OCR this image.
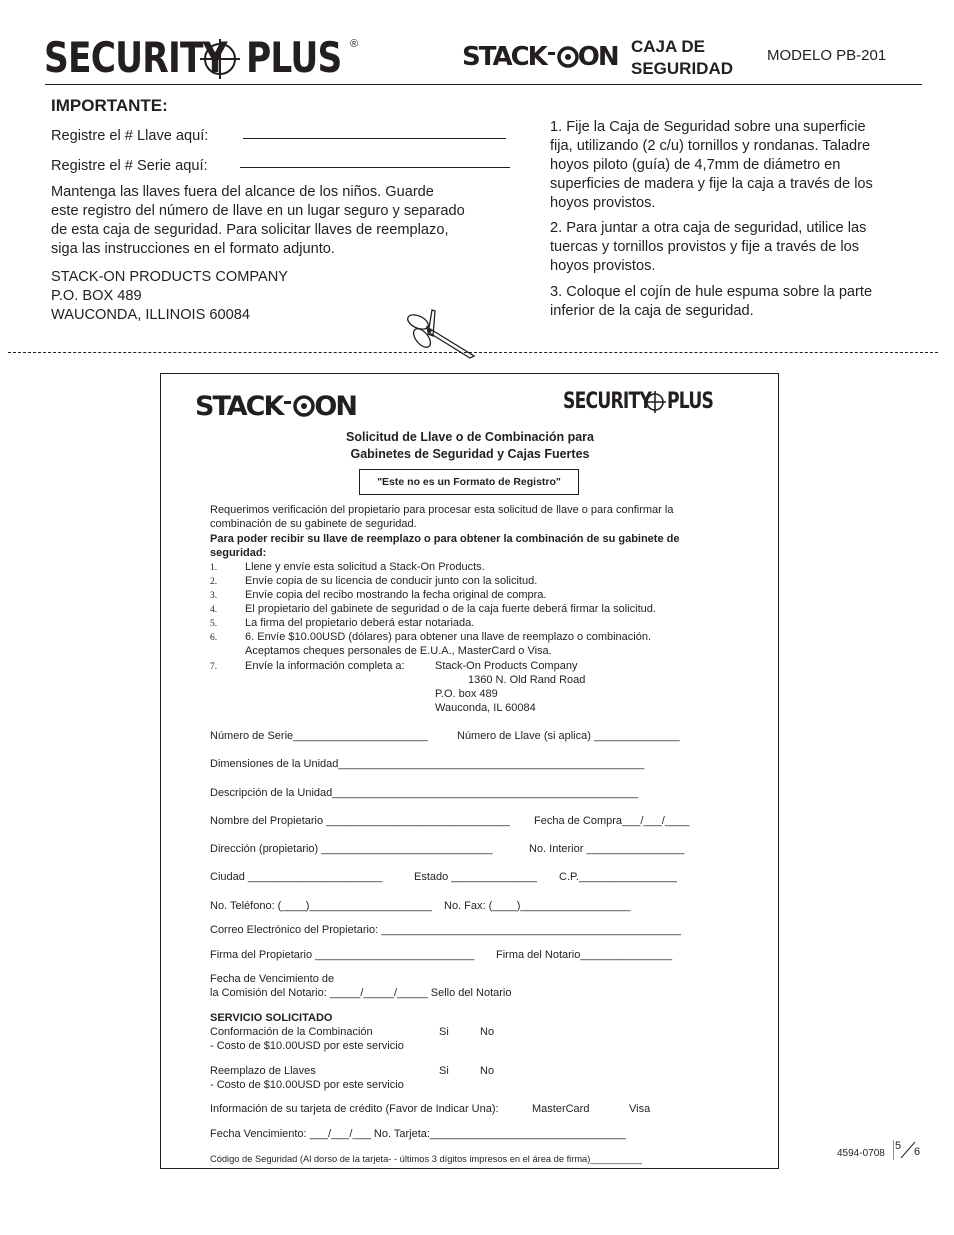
SECURITY PLUS ®	STACK ON CAJA DE
SEGURIDAD
MODELO PB-201
IMPORTANTE:
Registre el # Llave aquí:
Registre el # Serie aquí:
Mantenga las llaves fuera del alcance de los niños. Guarde
este registro del número de llave en un lugar seguro y separado
de esta caja de seguridad. Para solicitar llaves de reemplazo,
siga las instrucciones en el formato adjunto.
STACK-ON PRODUCTS COMPANY
P.O. BOX 489
WAUCONDA, ILLINOIS 60084
1. Fije la Caja de Seguridad sobre una superficie
fija, utilizando (2 c/u) tornillos y rondanas. Taladre
hoyos piloto (guía) de 4,7mm de diámetro en
superficies de madera y fije la caja a través de los
hoyos provistos.
2. Para juntar a otra caja de seguridad, utilice las
tuercas y tornillos provistos y fije a través de los
hoyos provistos.
3. Coloque el cojín de hule espuma sobre la parte
inferior de la caja de seguridad.
STACK ON	SECURITY PLUS
Solicitud de Llave o de Combinación para
Gabinetes de Seguridad y Cajas Fuertes
"Este no es un Formato de Registro"
Requerimos verificación del propietario para procesar esta solicitud de llave o para confirmar la
combinación de su gabinete de seguridad.
Para poder recibir su llave de reemplazo o para obtener la combinación de su gabinete de
seguridad:
1.	Llene y envíe esta solicitud a Stack-On Products.
2.	Envíe copia de su licencia de conducir junto con la solicitud.
3.	Envíe copia del recibo mostrando la fecha original de compra.
4.	El propietario del gabinete de seguridad o de la caja fuerte deberá firmar la solicitud.
5.	La firma del propietario deberá estar notariada.
6.	6. Envíe $10.00USD (dólares) para obtener una llave de reemplazo o combinación.
Aceptamos cheques personales de E.U.A., MasterCard o Visa.
7.	Envíe la información completa a:	Stack-On Products Company
1360 N. Old Rand Road
P.O. box 489
Wauconda, IL 60084
Número de Serie______________________	Número de Llave (si aplica) ______________
Dimensiones de la Unidad__________________________________________________
Descripción de la Unidad__________________________________________________
Nombre del Propietario ______________________________ Fecha de Compra___/___/____
Dirección (propietario) ____________________________	No. Interior ________________
Ciudad ______________________	Estado ______________ C.P.________________
No. Teléfono: (____)____________________ No. Fax: (____)__________________
Correo Electrónico del Propietario: _________________________________________________
Firma del Propietario __________________________ Firma del Notario_______________
Fecha de Vencimiento de
la Comisión del Notario: _____/_____/_____ Sello del Notario
SERVICIO SOLICITADO
Conformación de la Combinación	Si	No
- Costo de $10.00USD por este servicio
Reemplazo de Llaves	Si	No
- Costo de $10.00USD por este servicio
Información de su tarjeta de crédito (Favor de Indicar Una):	MasterCard	Visa
Fecha Vencimiento: ___/___/___ No. Tarjeta:________________________________
Código de Seguridad (Al dorso de la tarjeta- - últimos 3 dígitos impresos en el área de firma)__________	4594-0708
5 6
